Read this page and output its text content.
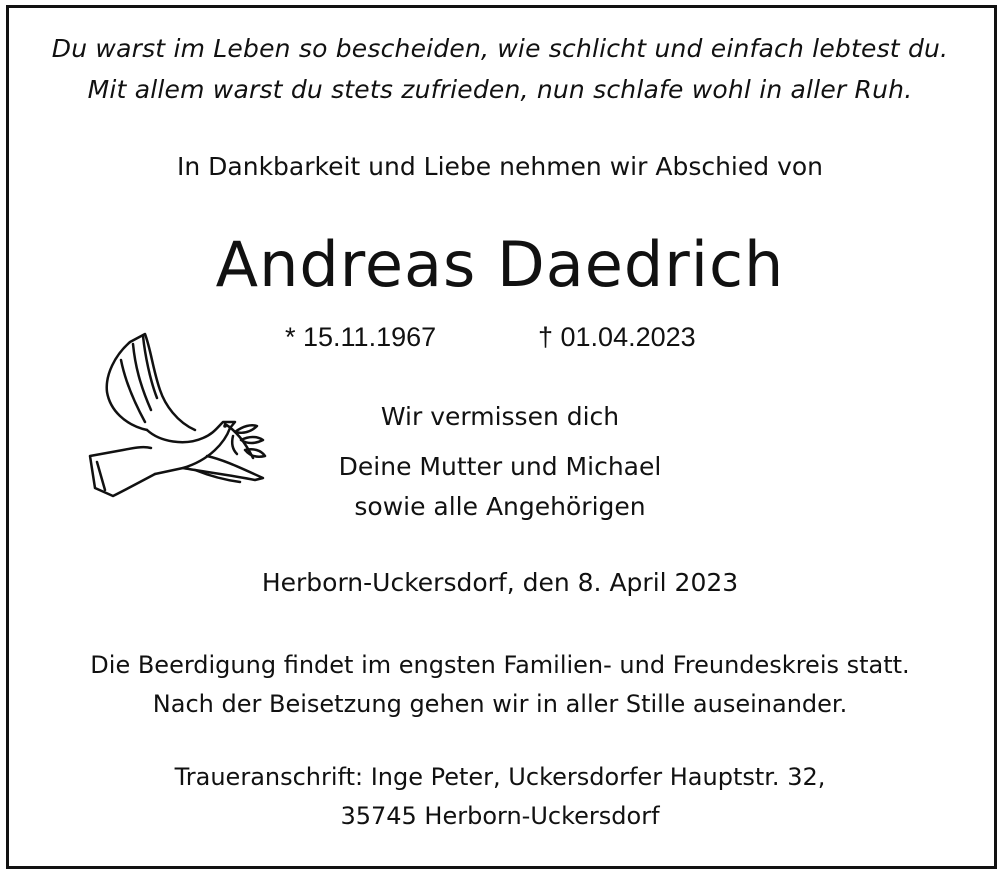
Du warst im Leben so bescheiden, wie schlicht und einfach lebtest du.
Mit allem warst du stets zufrieden, nun schlafe wohl in aller Ruh.
In Dankbarkeit und Liebe nehmen wir Abschied von
Andreas Daedrich
* 15.11.1967	† 01.04.2023
Wir vermissen dich
Deine Mutter und Michael
sowie alle Angehörigen
Herborn-Uckersdorf, den 8. April 2023
Die Beerdigung findet im engsten Familien- und Freundeskreis statt.
Nach der Beisetzung gehen wir in aller Stille auseinander.
Traueranschrift: Inge Peter, Uckersdorfer Hauptstr. 32,
35745 Herborn-Uckersdorf
